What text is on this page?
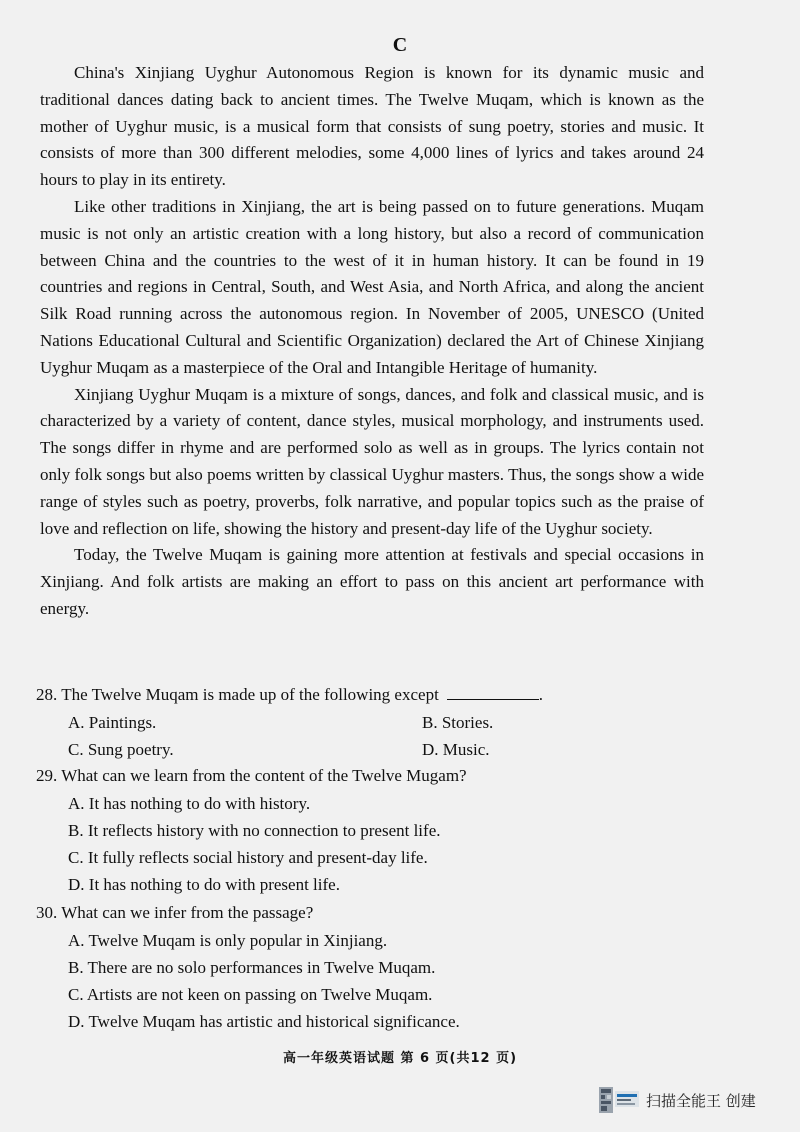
C

China's Xinjiang Uyghur Autonomous Region is known for its dynamic music and traditional dances dating back to ancient times. The Twelve Muqam, which is known as the mother of Uyghur music, is a musical form that consists of sung poetry, stories and music. It consists of more than 300 different melodies, some 4,000 lines of lyrics and takes around 24 hours to play in its entirety.

Like other traditions in Xinjiang, the art is being passed on to future generations. Muqam music is not only an artistic creation with a long history, but also a record of communication between China and the countries to the west of it in human history. It can be found in 19 countries and regions in Central, South, and West Asia, and North Africa, and along the ancient Silk Road running across the autonomous region. In November of 2005, UNESCO (United Nations Educational Cultural and Scientific Organization) declared the Art of Chinese Xinjiang Uyghur Muqam as a masterpiece of the Oral and Intangible Heritage of humanity.

Xinjiang Uyghur Muqam is a mixture of songs, dances, and folk and classical music, and is characterized by a variety of content, dance styles, musical morphology, and instruments used. The songs differ in rhyme and are performed solo as well as in groups. The lyrics contain not only folk songs but also poems written by classical Uyghur masters. Thus, the songs show a wide range of styles such as poetry, proverbs, folk narrative, and popular topics such as the praise of love and reflection on life, showing the history and present-day life of the Uyghur society.

Today, the Twelve Muqam is gaining more attention at festivals and special occasions in Xinjiang. And folk artists are making an effort to pass on this ancient art performance with energy.

28. The Twelve Muqam is made up of the following except	.
A. Paintings.	B. Stories.
C. Sung poetry.	D. Music.
29. What can we learn from the content of the Twelve Mugam?
A. It has nothing to do with history.
B. It reflects history with no connection to present life.
C. It fully reflects social history and present-day life.
D. It has nothing to do with present life.
30. What can we infer from the passage?
A. Twelve Muqam is only popular in Xinjiang.
B. There are no solo performances in Twelve Muqam.
C. Artists are not keen on passing on Twelve Muqam.
D. Twelve Muqam has artistic and historical significance.
高一年级英语试题 第 6 页(共12 页)
扫描全能王 创建
